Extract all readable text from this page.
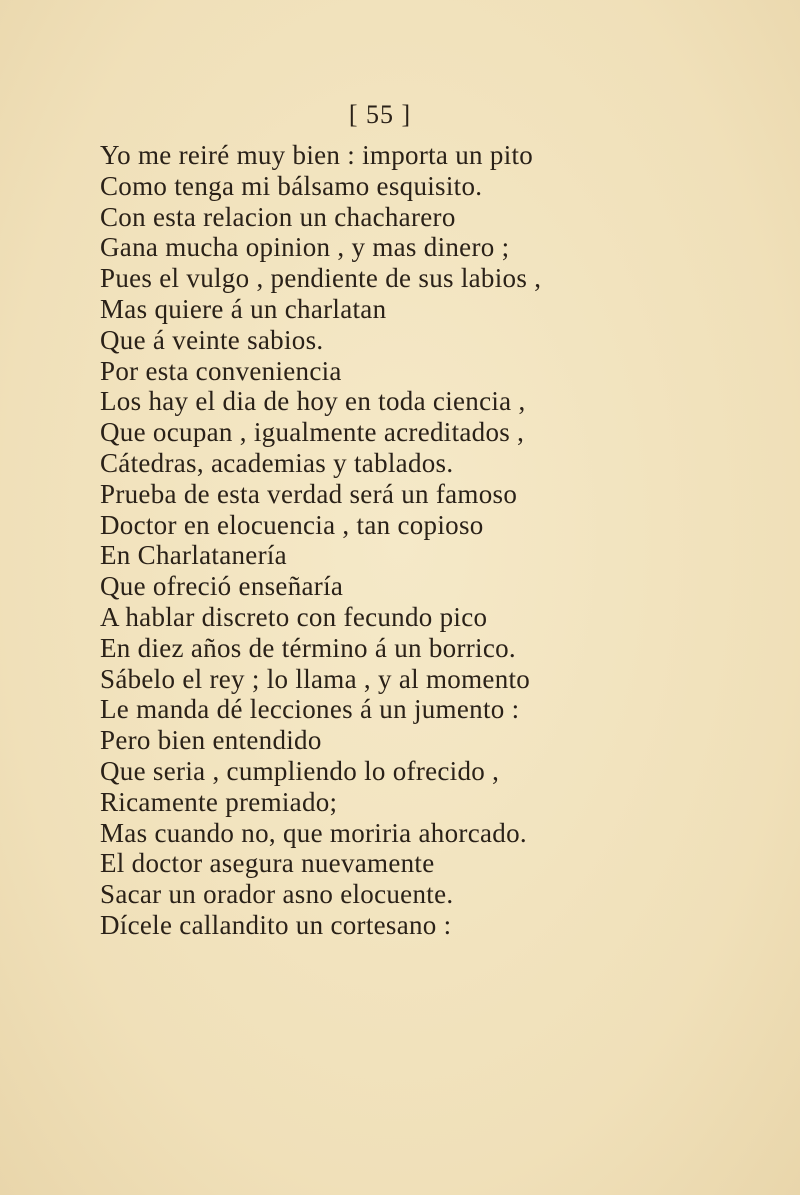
[ 55 ]
Yo me reiré muy bien : importa un pito
Como tenga mi bálsamo esquisito.
Con esta relacion un chacharero
Gana mucha opinion , y mas dinero ;
Pues el vulgo , pendiente de sus labios ,
Mas quiere á un charlatan
Que á veinte sabios.
Por esta conveniencia
Los hay el dia de hoy en toda ciencia ,
Que ocupan , igualmente acreditados ,
Cátedras, academias y tablados.
Prueba de esta verdad será un famoso
Doctor en elocuencia , tan copioso
En Charlatanería
Que ofreció enseñaría
A hablar discreto con fecundo pico
En diez años de término á un borrico.
Sábelo el rey ; lo llama , y al momento
Le manda dé lecciones á un jumento :
Pero bien entendido
Que seria , cumpliendo lo ofrecido ,
Ricamente premiado;
Mas cuando no, que moriria ahorcado.
El doctor asegura nuevamente
Sacar un orador asno elocuente.
Dícele callandito un cortesano :
